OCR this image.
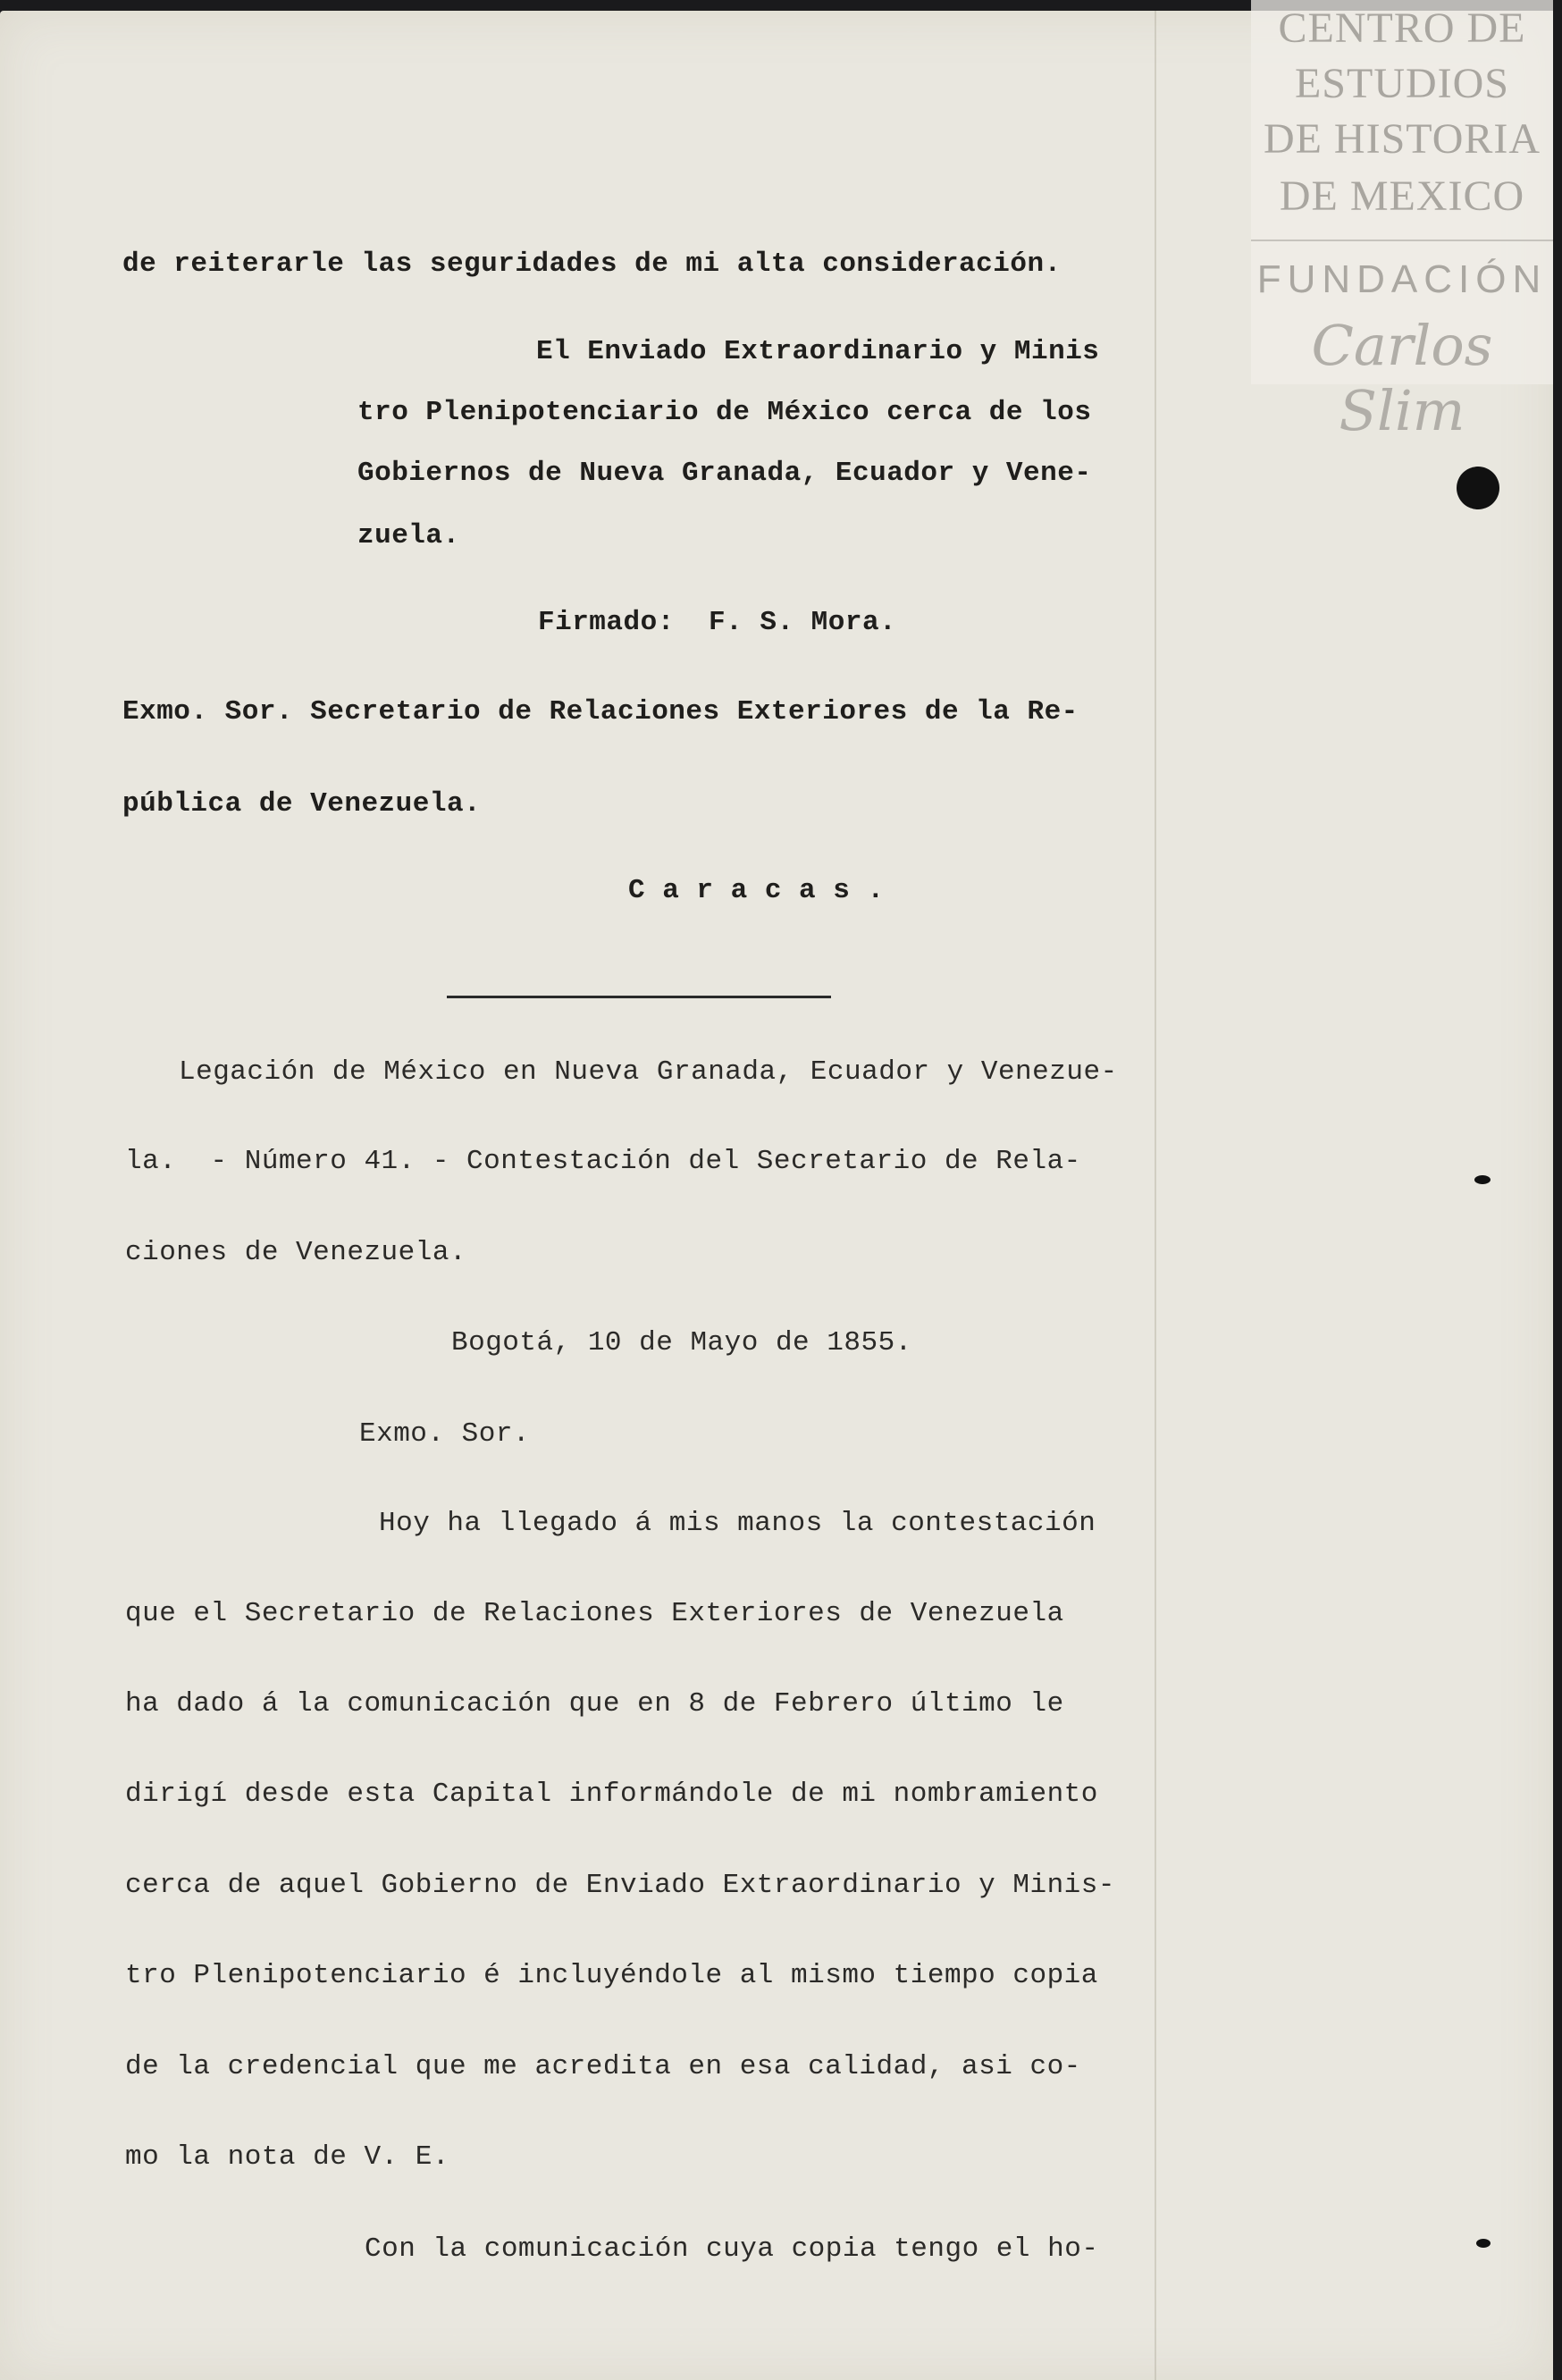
de reiterarle las seguridades de mi alta consideración.
El Enviado Extraordinario y Minis
tro Plenipotenciario de México cerca de los
Gobiernos de Nueva Granada, Ecuador y Vene-
zuela.
Firmado:  F. S. Mora.
Exmo. Sor. Secretario de Relaciones Exteriores de la Re-
pública de Venezuela.
C a r a c a s .
Legación de México en Nueva Granada, Ecuador y Venezue-
la.  - Número 41. - Contestación del Secretario de Rela-
ciones de Venezuela.
Bogotá, 10 de Mayo de 1855.
Exmo. Sor.
Hoy ha llegado á mis manos la contestación
que el Secretario de Relaciones Exteriores de Venezuela
ha dado á la comunicación que en 8 de Febrero último le
dirigí desde esta Capital informándole de mi nombramiento
cerca de aquel Gobierno de Enviado Extraordinario y Minis-
tro Plenipotenciario é incluyéndole al mismo tiempo copia
de la credencial que me acredita en esa calidad, asi co-
mo la nota de V. E.
Con la comunicación cuya copia tengo el ho-
CENTRO DE
ESTUDIOS
DE HISTORIA
DE MEXICO
FUNDACIÓN
Carlos Slim
